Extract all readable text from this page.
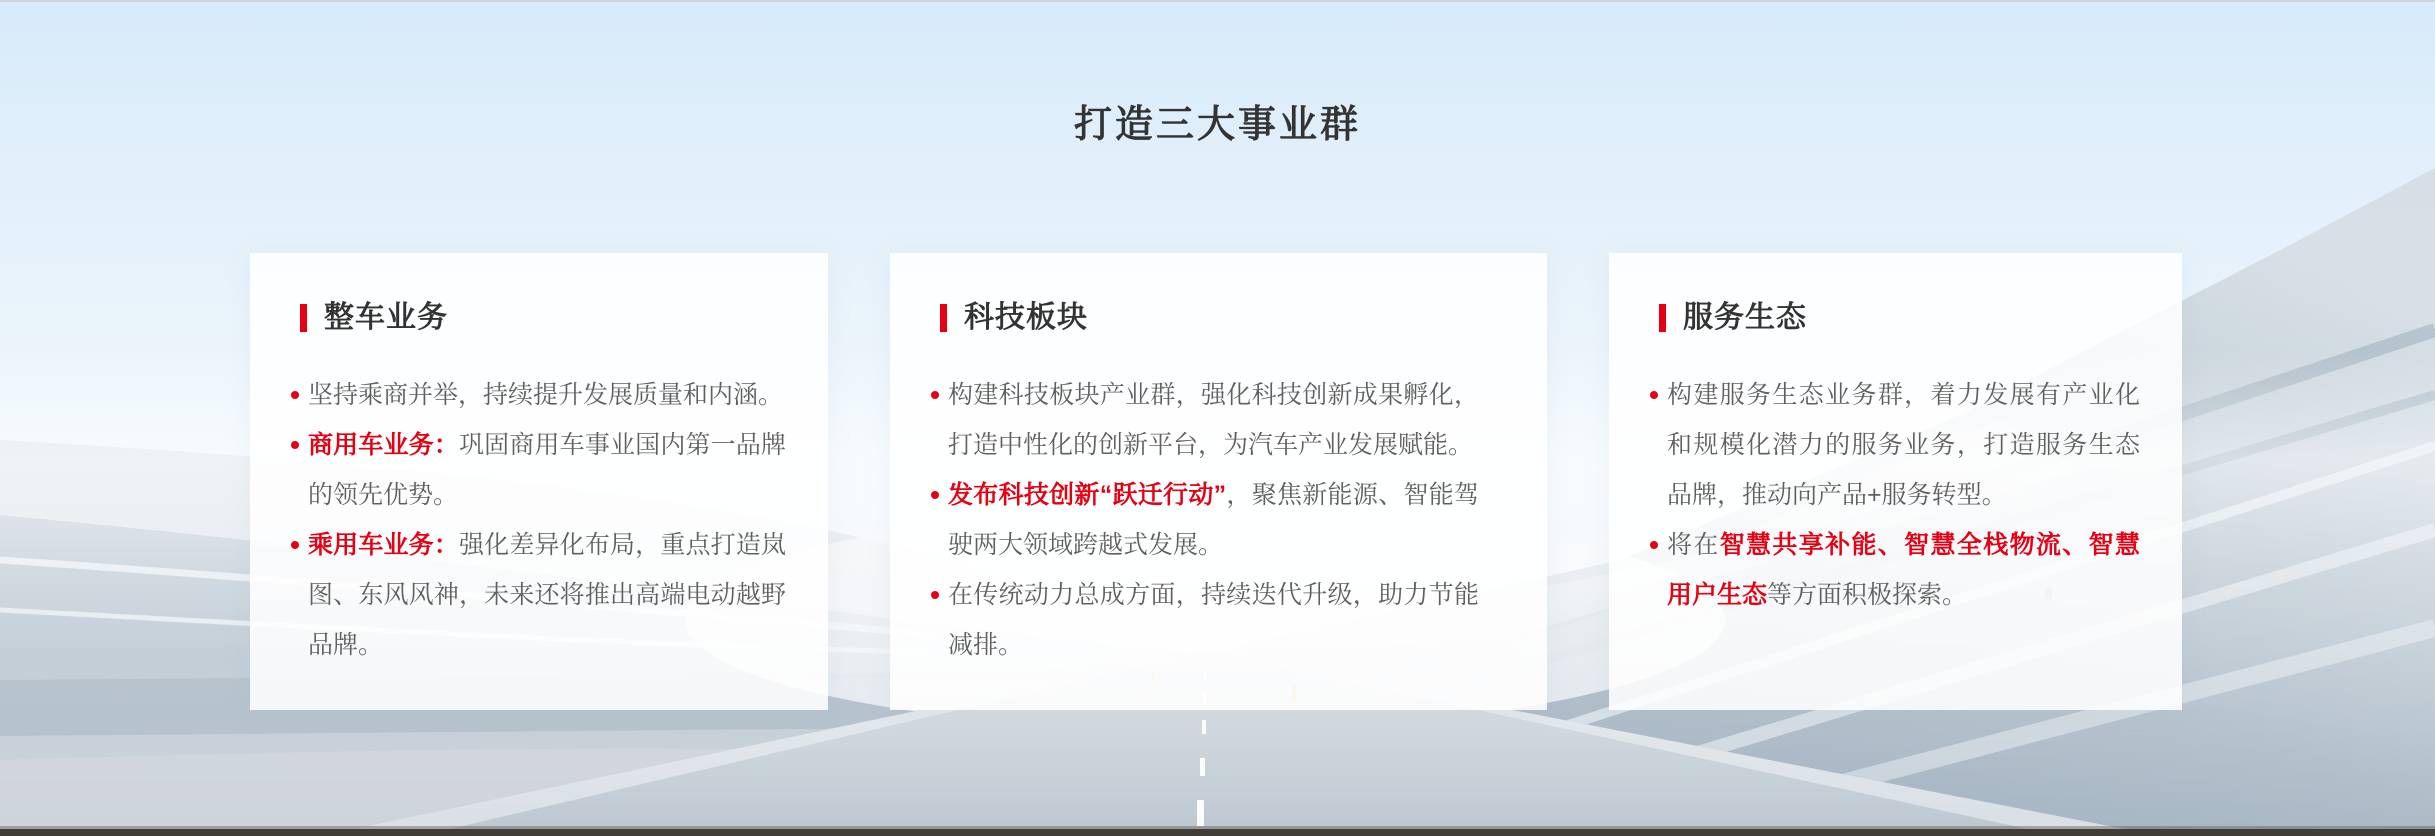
打造三大事业群
整车业务
坚持乘商并举，持续提升发展质量和内涵。
商用车业务：巩固商用车事业国内第一品牌的领先优势。
乘用车业务：强化差异化布局，重点打造岚图、东风风神，未来还将推出高端电动越野品牌。
科技板块
构建科技板块产业群，强化科技创新成果孵化，打造中性化的创新平台，为汽车产业发展赋能。
发布科技创新“跃迁行动”，聚焦新能源、智能驾驶两大领域跨越式发展。
在传统动力总成方面，持续迭代升级，助力节能减排。
服务生态
构建服务生态业务群，着力发展有产业化和规模化潜力的服务业务，打造服务生态品牌，推动向产品+服务转型。
将在智慧共享补能、智慧全栈物流、智慧用户生态等方面积极探索。
